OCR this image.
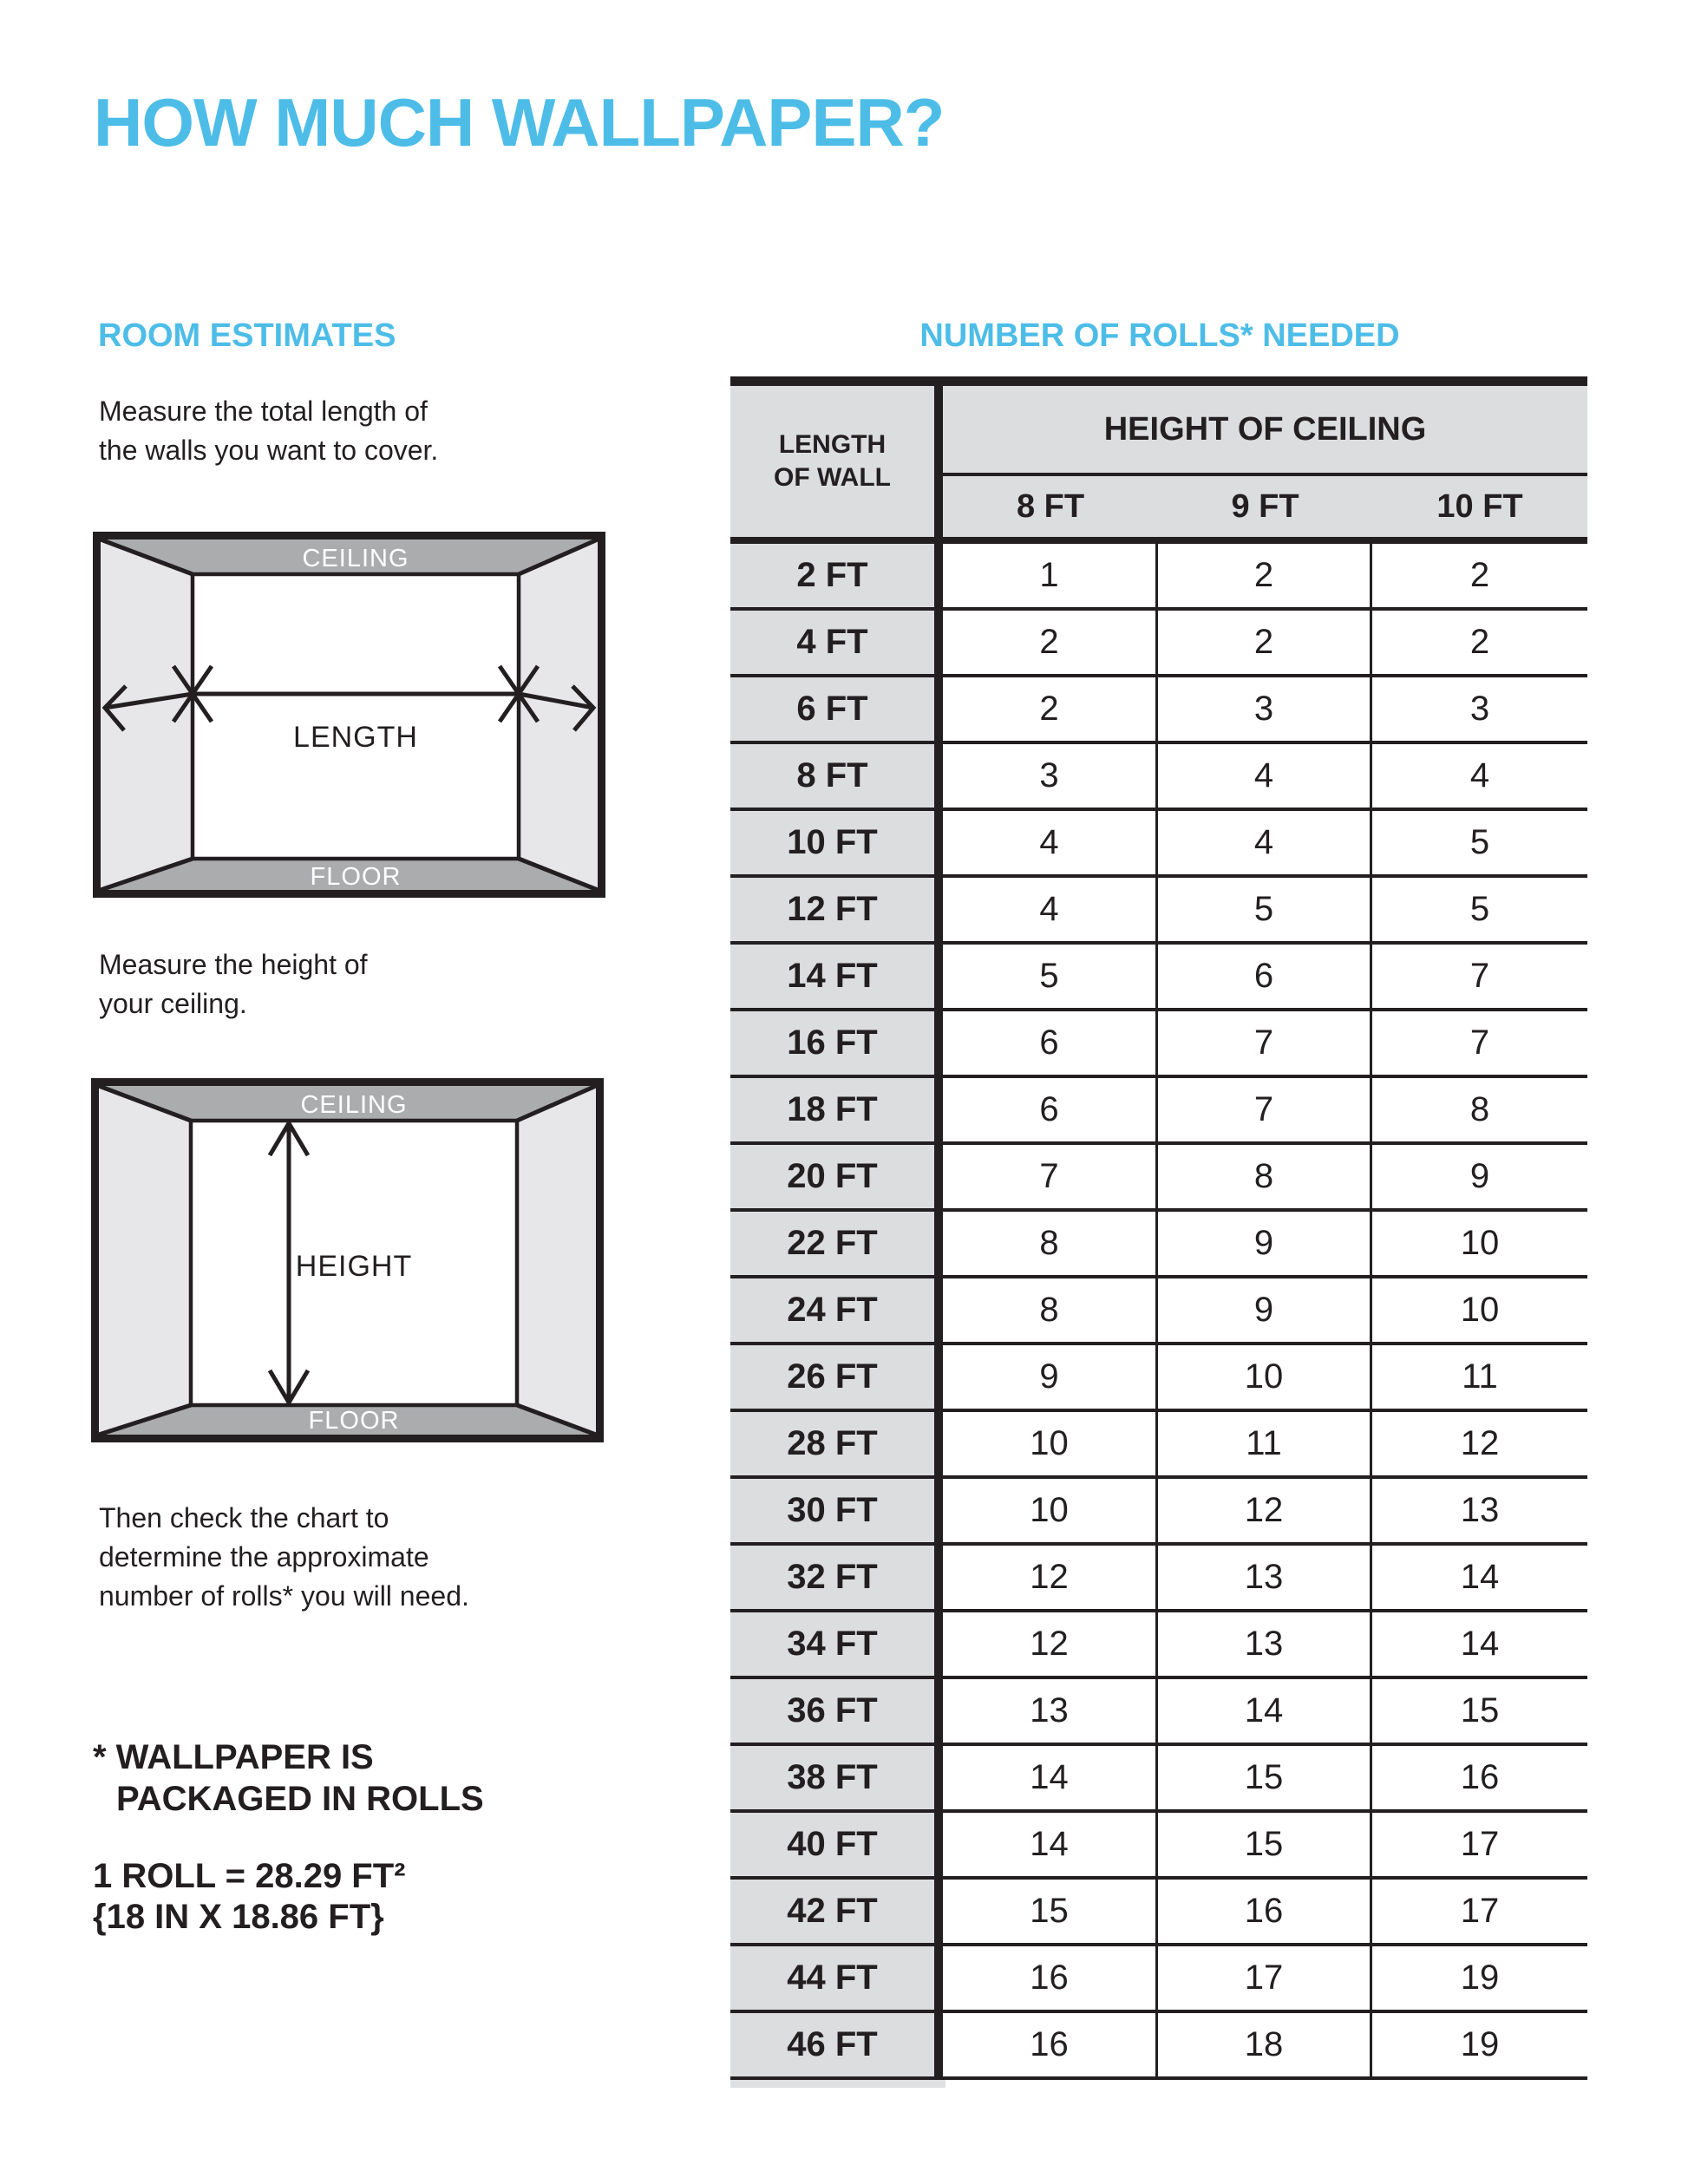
HOW MUCH WALLPAPER?
ROOM ESTIMATES	NUMBER OF ROLLS* NEEDED
Measure the total length of
the walls you want to cover.
CEILING
FLOOR
LENGTH
Measure the height of
your ceiling.
CEILING
FLOOR
HEIGHT
Then check the chart to
determine the approximate
number of rolls* you will need.
* WALLPAPER IS
PACKAGED IN ROLLS
1 ROLL = 28.29 FT²
{18 IN X 18.86 FT}
LENGTH
OF WALL
HEIGHT OF CEILING
8 FT	9 FT	10 FT
2 FT	1	2	2
4 FT	2	2	2
6 FT	2	3	3
8 FT	3	4	4
10 FT	4	4	5
12 FT	4	5	5
14 FT	5	6	7
16 FT	6	7	7
18 FT	6	7	8
20 FT	7	8	9
22 FT	8	9	10
24 FT	8	9	10
26 FT	9	10	11
28 FT	10	11	12
30 FT	10	12	13
32 FT	12	13	14
34 FT	12	13	14
36 FT	13	14	15
38 FT	14	15	16
40 FT	14	15	17
42 FT	15	16	17
44 FT	16	17	19
46 FT	16	18	19
